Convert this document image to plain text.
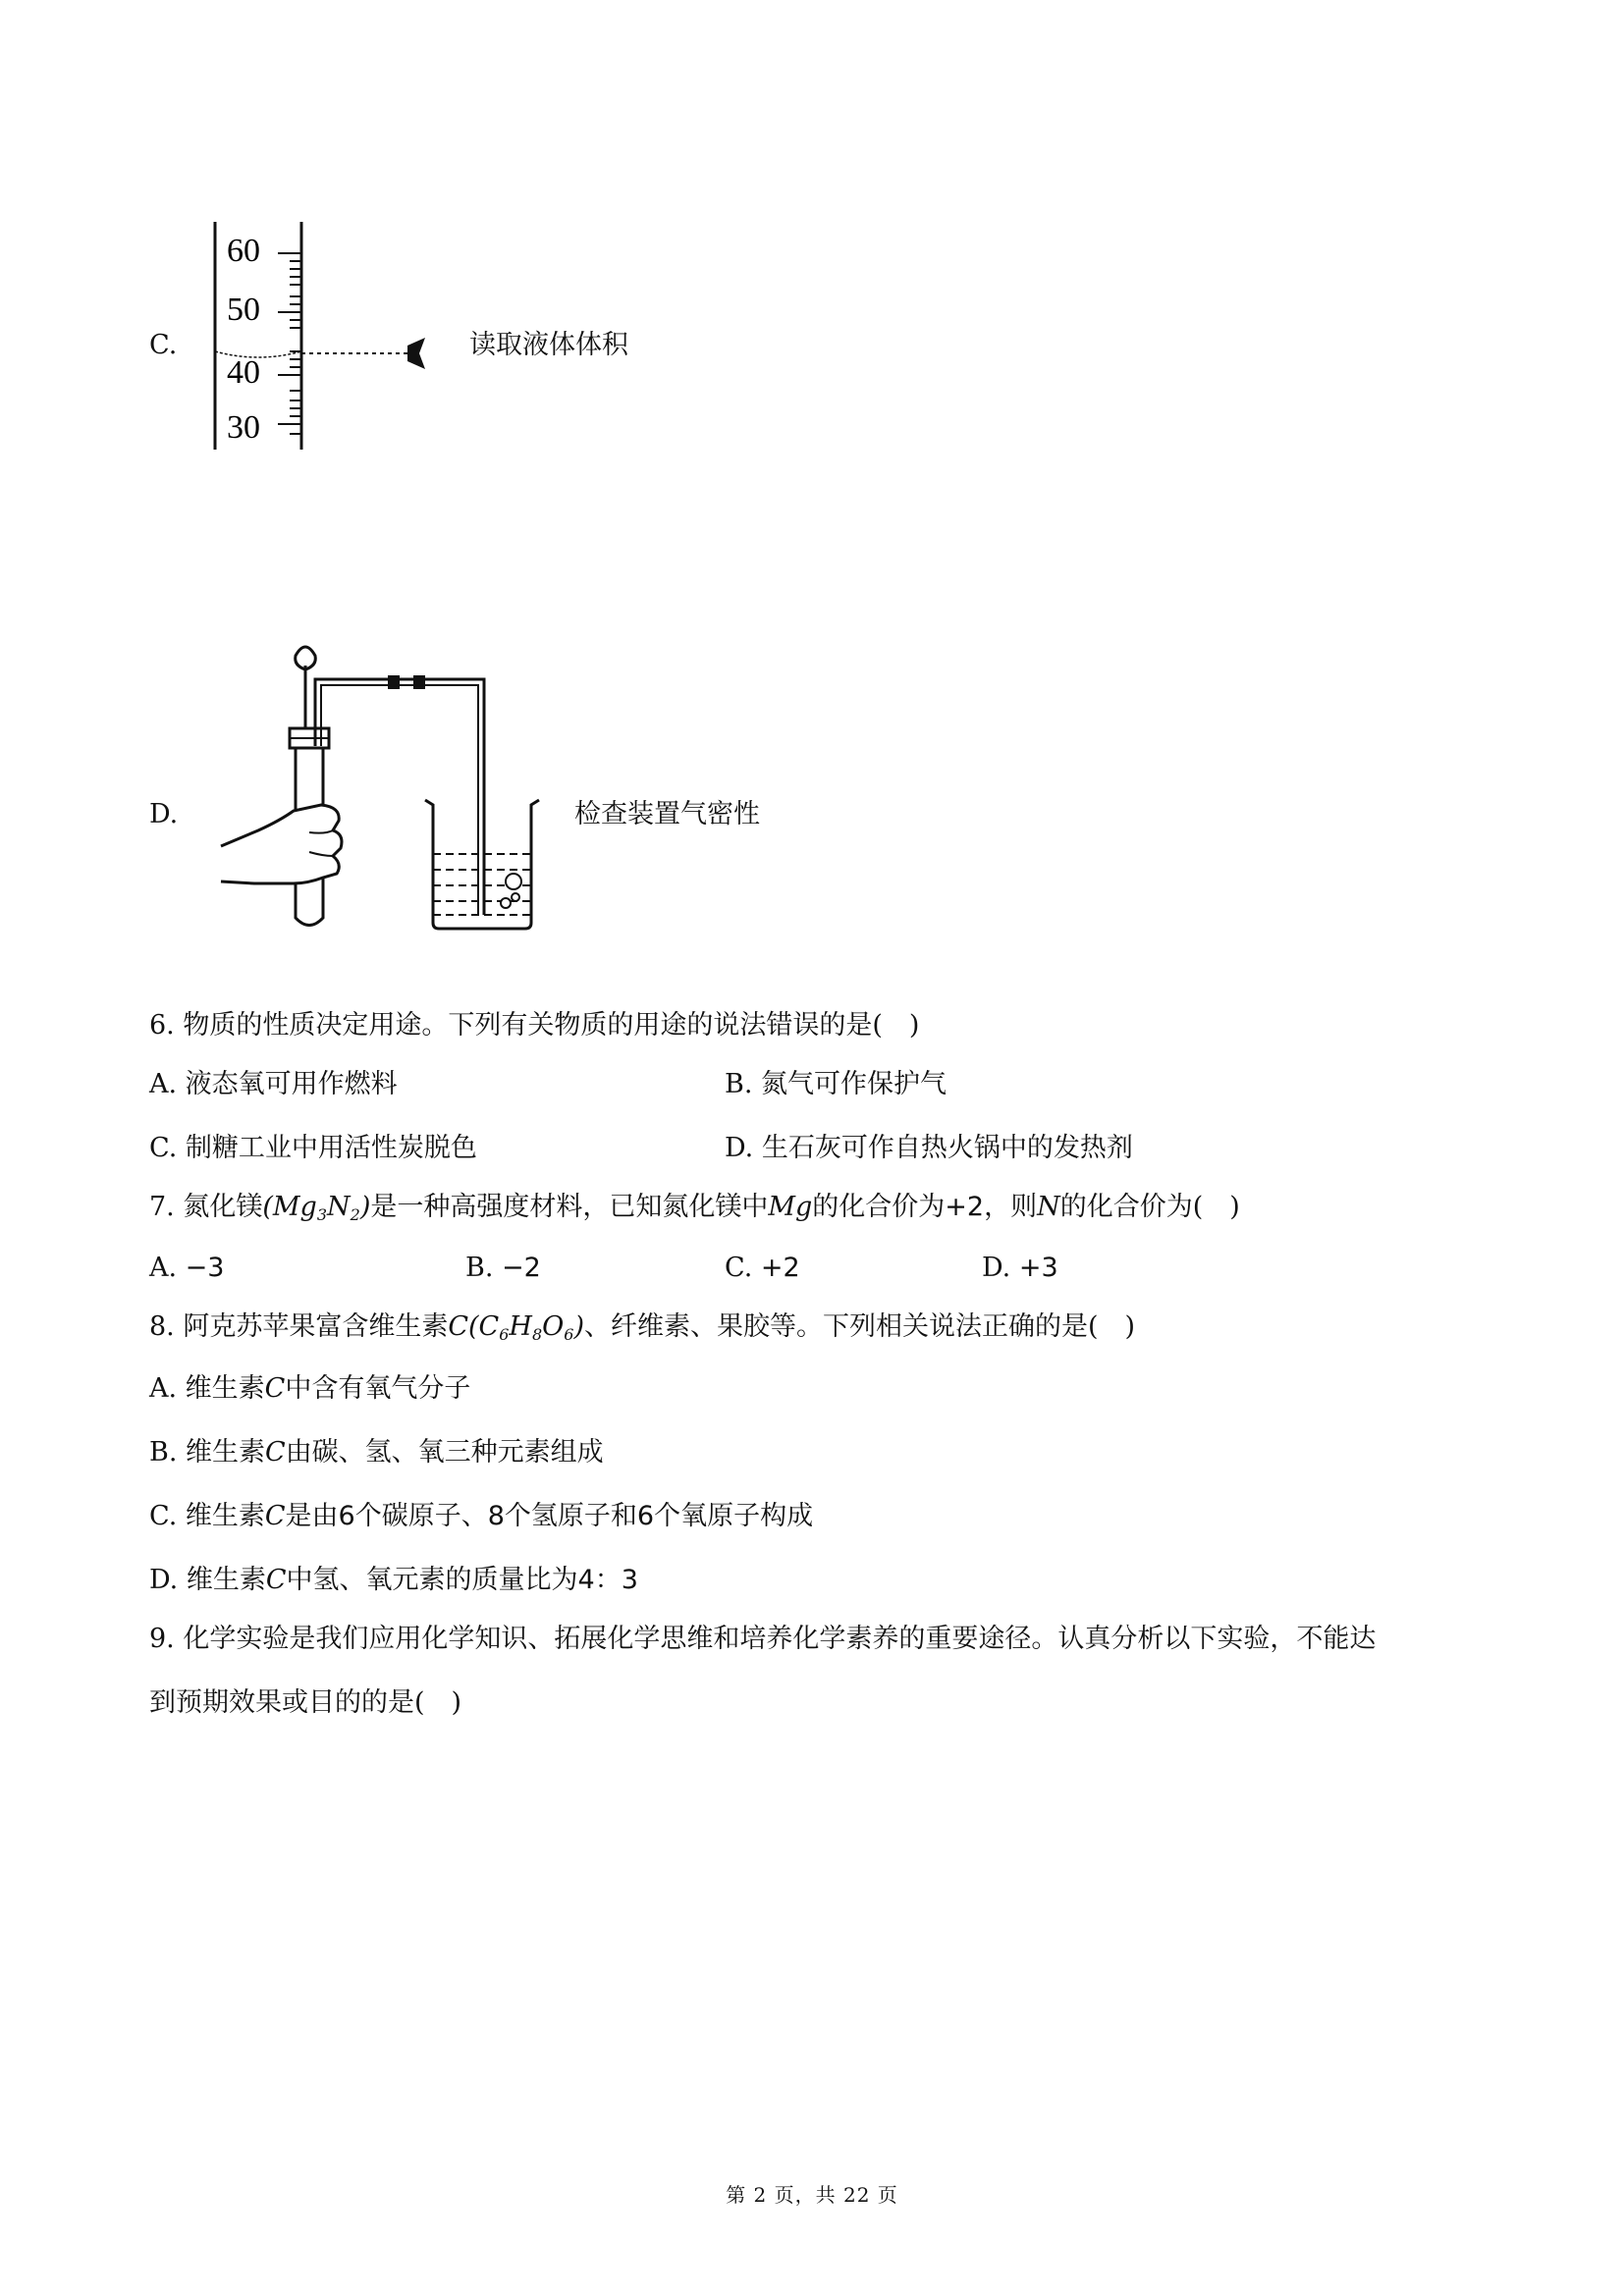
C.
60
50
40
30
读取液体体积
D.	检查装置气密性
6. 物质的性质决定用途。下列有关物质的用途的说法错误的是( )
A. 液态氧可用作燃料	B. 氮气可作保护气
C. 制糖工业中用活性炭脱色	D. 生石灰可作自热火锅中的发热剂
7. 氮化镁$(Mg_3N_2)$是一种高强度材料，已知氮化镁中Mg的化合价为+2，则N的化合价为( )
A. −3	B. −2	C. +2	D. +3
8. 阿克苏苹果富含维生素$C(C_6H_8O_6)$、纤维素、果胶等。下列相关说法正确的是( )
A. 维生素C中含有氧气分子
B. 维生素C由碳、氢、氧三种元素组成
C. 维生素C是由6个碳原子、8个氢原子和6个氧原子构成
D. 维生素C中氢、氧元素的质量比为4：3
9. 化学实验是我们应用化学知识、拓展化学思维和培养化学素养的重要途径。认真分析以下实验，不能达
到预期效果或目的的是( )
第 2 页，共 22 页
